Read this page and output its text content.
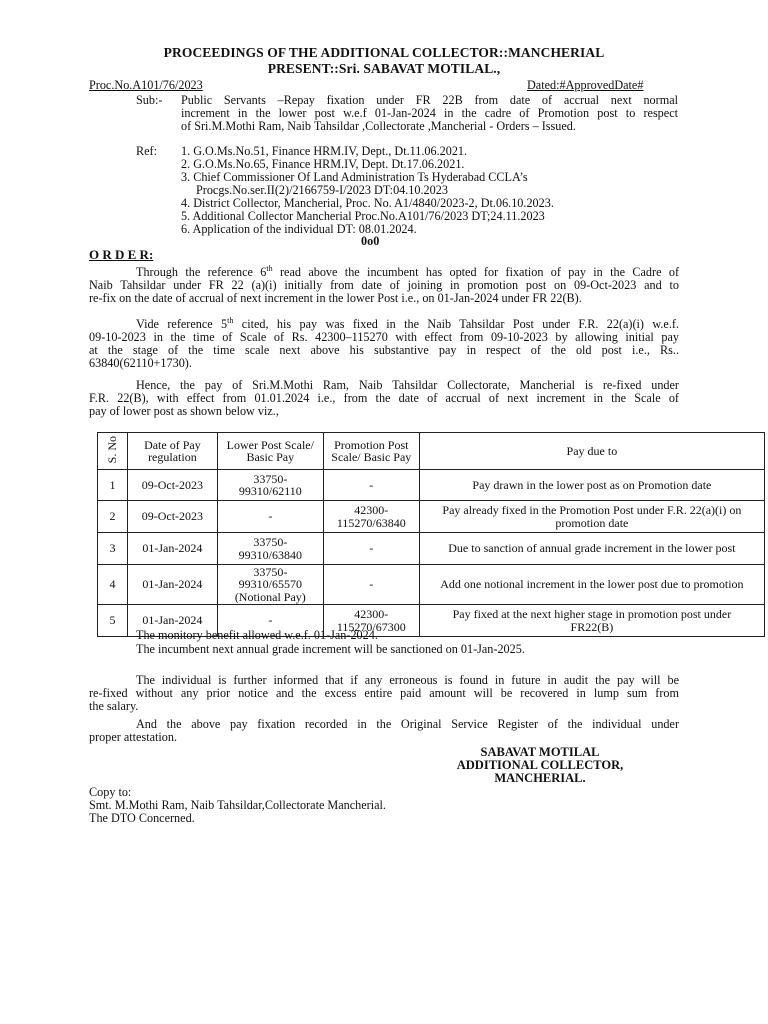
PROCEEDINGS OF THE ADDITIONAL COLLECTOR::MANCHERIAL
PRESENT::Sri. SABAVAT MOTILAL.,
Proc.No.A101/76/2023	Dated:#ApprovedDate#
Sub:- Public Servants –Repay fixation under FR 22B from date of accrual next normal
increment in the lower post w.e.f 01-Jan-2024 in the cadre of Promotion post to respect
of Sri.M.Mothi Ram, Naib Tahsildar ,Collectorate ,Mancherial - Orders – Issued.
Ref: 1. G.O.Ms.No.51, Finance HRM.IV, Dept., Dt.11.06.2021.
2. G.O.Ms.No.65, Finance HRM.IV, Dept. Dt.17.06.2021.
3. Chief Commissioner Of Land Administration Ts Hyderabad CCLA’s
Procgs.No.ser.II(2)/2166759-I/2023 DT:04.10.2023
4. District Collector, Mancherial, Proc. No. A1/4840/2023-2, Dt.06.10.2023.
5. Additional Collector Mancherial Proc.No.A101/76/2023 DT;24.11.2023
6. Application of the individual DT: 08.01.2024.
0o0
O R D E R:
Through the reference 6th read above the incumbent has opted for fixation of pay in the Cadre of
Naib Tahsildar under FR 22 (a)(i) initially from date of joining in promotion post on 09-Oct-2023 and to
re-fix on the date of accrual of next increment in the lower Post i.e., on 01-Jan-2024 under FR 22(B).
Vide reference 5th cited, his pay was fixed in the Naib Tahsildar Post under F.R. 22(a)(i) w.e.f.
09-10-2023 in the time of Scale of Rs. 42300–115270 with effect from 09-10-2023 by allowing initial pay
at the stage of the time scale next above his substantive pay in respect of the old post i.e., Rs..
63840(62110+1730).
Hence, the pay of Sri.M.Mothi Ram, Naib Tahsildar Collectorate, Mancherial is re-fixed under
F.R. 22(B), with effect from 01.01.2024 i.e., from the date of accrual of next increment in the Scale of
pay of lower post as shown below viz.,
S. No	Date of Pay regulation	Lower Post Scale/ Basic Pay	Promotion Post Scale/ Basic Pay	Pay due to
1	09-Oct-2023	33750-99310/62110	-	Pay drawn in the lower post as on Promotion date
2	09-Oct-2023	-	42300-115270/63840	Pay already fixed in the Promotion Post under F.R. 22(a)(i) on promotion date
3	01-Jan-2024	33750-99310/63840	-	Due to sanction of annual grade increment in the lower post
4	01-Jan-2024	33750-99310/65570 (Notional Pay)	-	Add one notional increment in the lower post due to promotion
5	01-Jan-2024	-	42300-115270/67300	Pay fixed at the next higher stage in promotion post under FR22(B)
The monitory benefit allowed w.e.f. 01-Jan-2024.
The incumbent next annual grade increment will be sanctioned on 01-Jan-2025.
The individual is further informed that if any erroneous is found in future in audit the pay will be
re-fixed without any prior notice and the excess entire paid amount will be recovered in lump sum from
the salary.
And the above pay fixation recorded in the Original Service Register of the individual under
proper attestation.
SABAVAT MOTILAL
ADDITIONAL COLLECTOR,
MANCHERIAL.
Copy to:
Smt. M.Mothi Ram, Naib Tahsildar,Collectorate Mancherial.
The DTO Concerned.
